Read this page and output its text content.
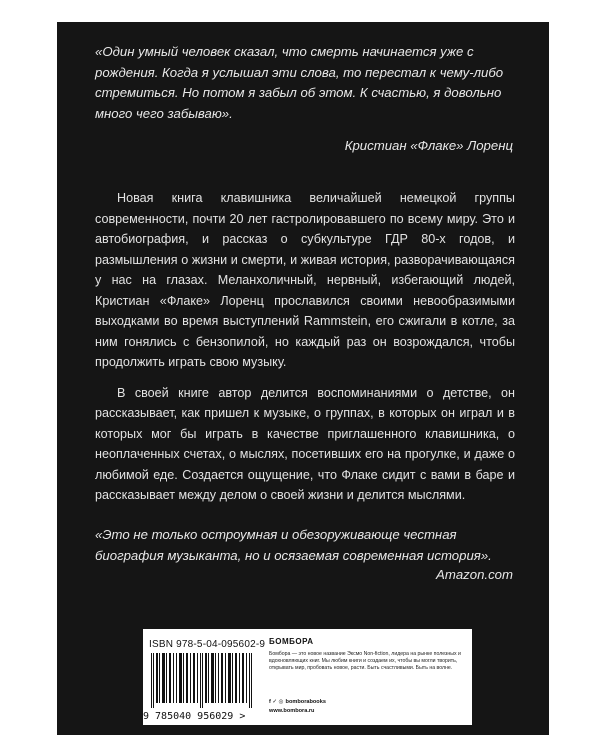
«Один умный человек сказал, что смерть начинается уже с рождения. Когда я услышал эти слова, то перестал к чему-либо стремиться. Но потом я забыл об этом. К счастью, я довольно много чего забываю».
Кристиан «Флаке» Лоренц

Новая книга клавишника величайшей немецкой группы современности, почти 20 лет гастролировавшего по всему миру. Это и автобиография, и рассказ о субкультуре ГДР 80-х годов, и размышления о жизни и смерти, и живая история, разворачивающаяся у нас на глазах. Меланхоличный, нервный, избегающий людей, Кристиан «Флаке» Лоренц прославился своими невообразимыми выходками во время выступлений Rammstein, его сжигали в котле, за ним гонялись с бензопилой, но каждый раз он возрождался, чтобы продолжить играть свою музыку.

В своей книге автор делится воспоминаниями о детстве, он рассказывает, как пришел к музыке, о группах, в которых он играл и в которых мог бы играть в качестве приглашенного клавишника, о неоплаченных счетах, о мыслях, посетивших его на прогулке, и даже о любимой еде. Создается ощущение, что Флаке сидит с вами в баре и рассказывает между делом о своей жизни и делится мыслями.

«Это не только остроумная и обезоруживающе честная биография музыканта, но и осязаемая современная история».
Amazon.com
ISBN 978-5-04-095602-9
9 785040 956029 >
БОМБОРА
Бомбора — это новое название Эксмо Non-fiction, лидера на рынке полезных и вдохновляющих книг. Мы любим книги и создаем их, чтобы вы могли творить, открывать мир, пробовать новое, расти. Быть счастливыми. Быть на волне.
f ✓ ◎ bomborabooks
www.bombora.ru
